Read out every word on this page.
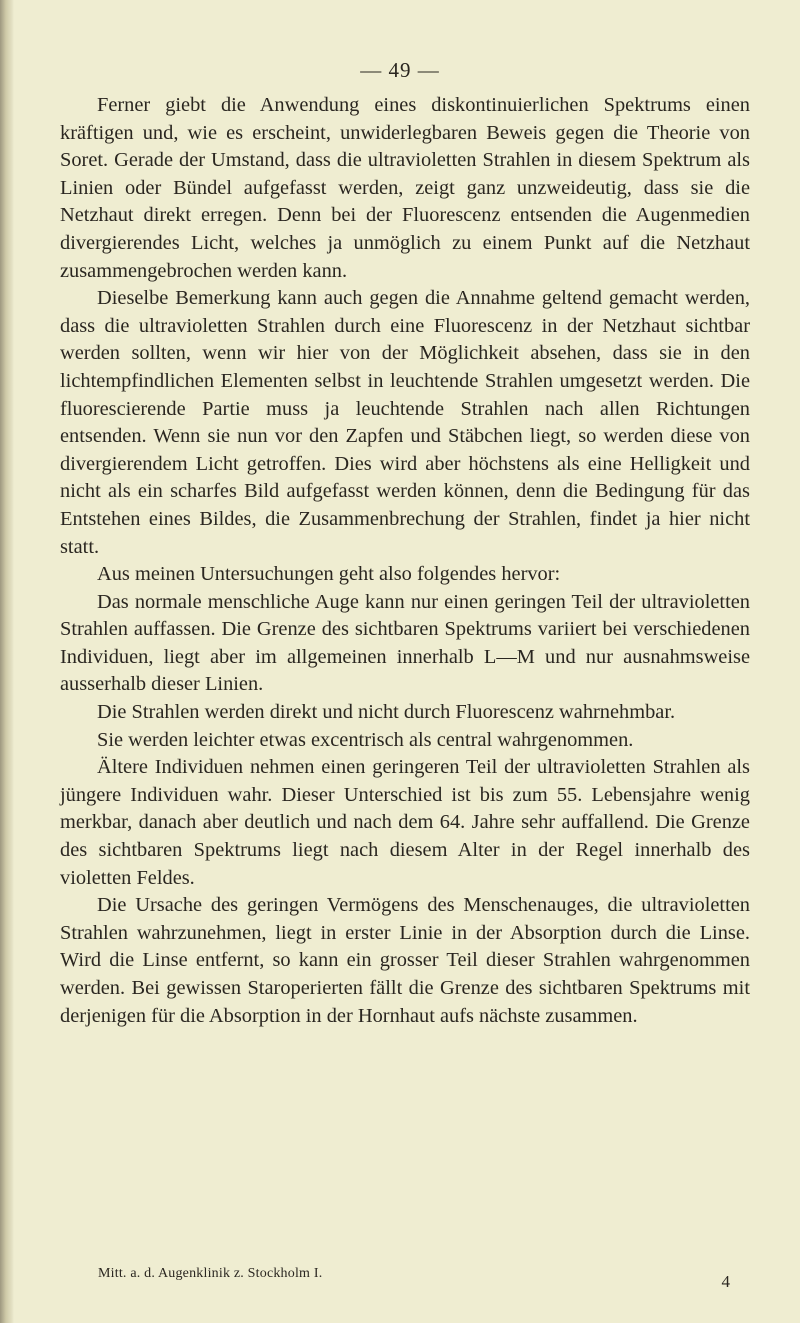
— 49 —

Ferner giebt die Anwendung eines diskontinuierlichen Spektrums einen kräftigen und, wie es erscheint, unwiderlegbaren Beweis gegen die Theorie von Soret. Gerade der Umstand, dass die ultravioletten Strahlen in diesem Spektrum als Linien oder Bündel aufgefasst werden, zeigt ganz unzweideutig, dass sie die Netzhaut direkt erregen. Denn bei der Fluorescenz entsenden die Augenmedien divergierendes Licht, welches ja unmöglich zu einem Punkt auf die Netzhaut zusammengebrochen werden kann.

Dieselbe Bemerkung kann auch gegen die Annahme geltend gemacht werden, dass die ultravioletten Strahlen durch eine Fluorescenz in der Netzhaut sichtbar werden sollten, wenn wir hier von der Möglichkeit absehen, dass sie in den lichtempfindlichen Elementen selbst in leuchtende Strahlen umgesetzt werden. Die fluorescierende Partie muss ja leuchtende Strahlen nach allen Richtungen entsenden. Wenn sie nun vor den Zapfen und Stäbchen liegt, so werden diese von divergierendem Licht getroffen. Dies wird aber höchstens als eine Helligkeit und nicht als ein scharfes Bild aufgefasst werden können, denn die Bedingung für das Entstehen eines Bildes, die Zusammenbrechung der Strahlen, findet ja hier nicht statt.

Aus meinen Untersuchungen geht also folgendes hervor:

Das normale menschliche Auge kann nur einen geringen Teil der ultravioletten Strahlen auffassen. Die Grenze des sichtbaren Spektrums variiert bei verschiedenen Individuen, liegt aber im allgemeinen innerhalb L—M und nur ausnahmsweise ausserhalb dieser Linien.

Die Strahlen werden direkt und nicht durch Fluorescenz wahrnehmbar.

Sie werden leichter etwas excentrisch als central wahrgenommen.

Ältere Individuen nehmen einen geringeren Teil der ultravioletten Strahlen als jüngere Individuen wahr. Dieser Unterschied ist bis zum 55. Lebensjahre wenig merkbar, danach aber deutlich und nach dem 64. Jahre sehr auffallend. Die Grenze des sichtbaren Spektrums liegt nach diesem Alter in der Regel innerhalb des violetten Feldes.

Die Ursache des geringen Vermögens des Menschenauges, die ultravioletten Strahlen wahrzunehmen, liegt in erster Linie in der Absorption durch die Linse. Wird die Linse entfernt, so kann ein grosser Teil dieser Strahlen wahrgenommen werden. Bei gewissen Staroperierten fällt die Grenze des sichtbaren Spektrums mit derjenigen für die Absorption in der Hornhaut aufs nächste zusammen.

Mitt. a. d. Augenklinik z. Stockholm I.	4
